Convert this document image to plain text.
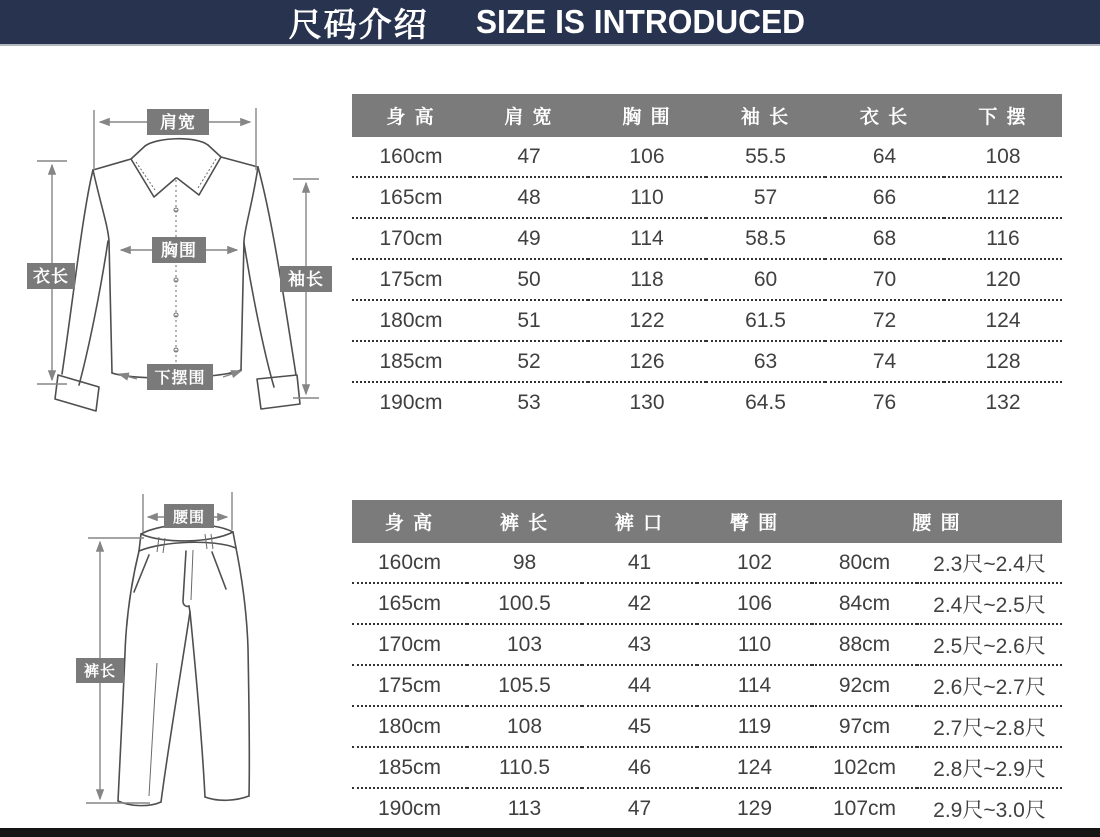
尺码介绍 SIZE IS INTRODUCED
肩宽
胸围
衣长	袖长
下摆围
腰围
裤长
身 高	肩 宽	胸 围	袖 长	衣 长	下 摆
160cm	47	106	55.5	64	108
165cm	48	110	57	66	112
170cm	49	114	58.5	68	116
175cm	50	118	60	70	120
180cm	51	122	61.5	72	124
185cm	52	126	63	74	128
190cm	53	130	64.5	76	132
身 高	裤 长	裤 口	臀 围	腰 围	
160cm	98	41	102	80cm	2.3尺~2.4尺
165cm	100.5	42	106	84cm	2.4尺~2.5尺
170cm	103	43	110	88cm	2.5尺~2.6尺
175cm	105.5	44	114	92cm	2.6尺~2.7尺
180cm	108	45	119	97cm	2.7尺~2.8尺
185cm	110.5	46	124	102cm	2.8尺~2.9尺
190cm	113	47	129	107cm	2.9尺~3.0尺
